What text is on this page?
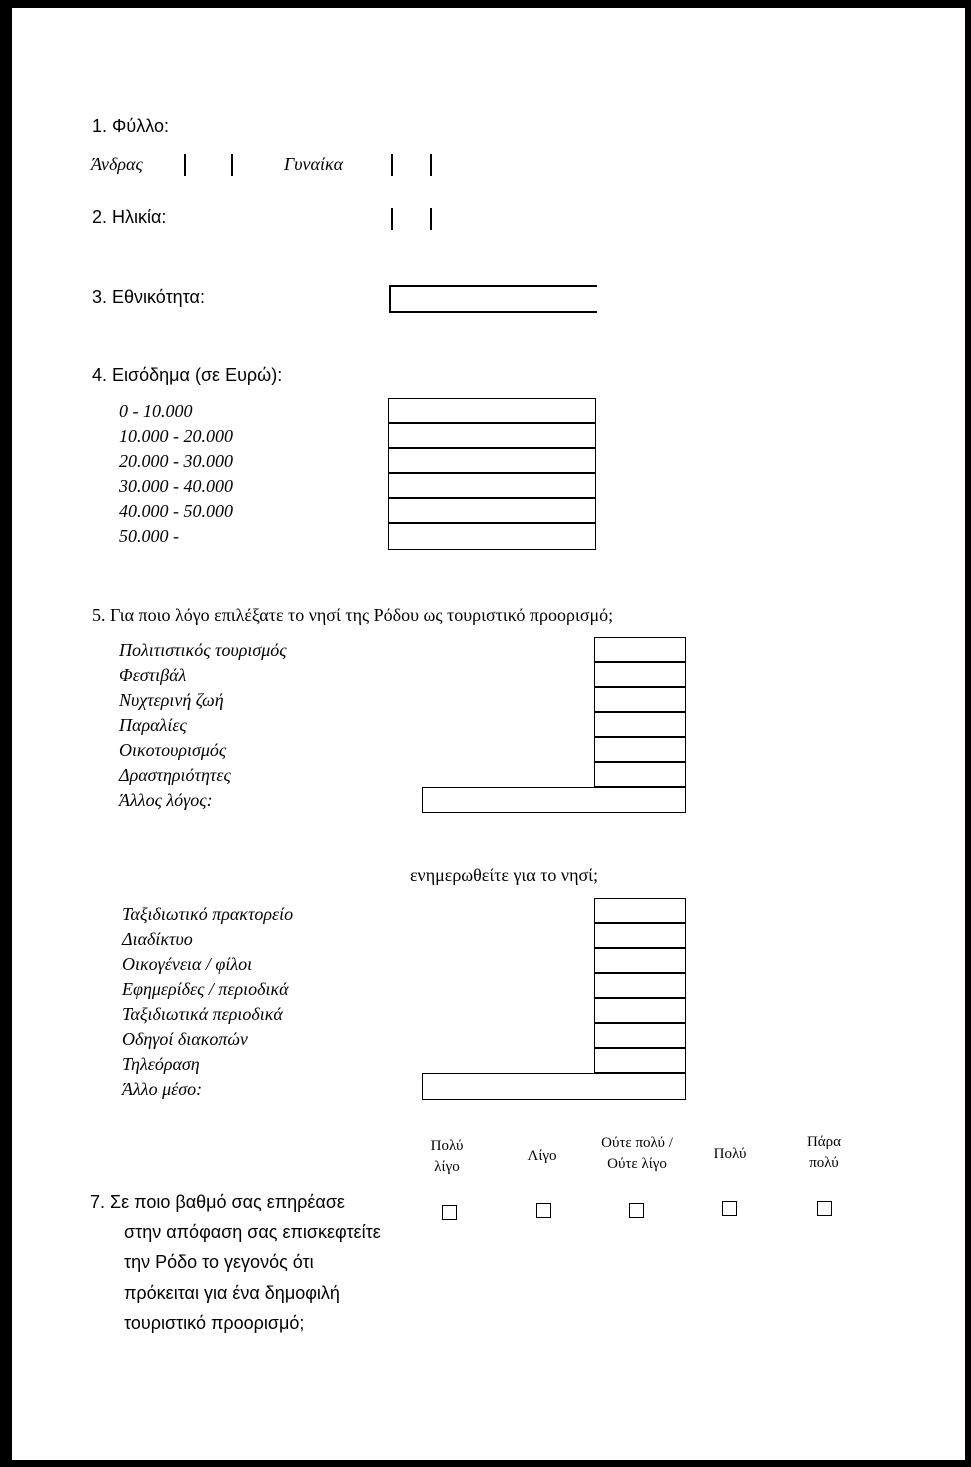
1. Φύλλο:
Άνδρας	Γυναίκα
2. Ηλικία:
3. Εθνικότητα:
4. Εισόδημα (σε Ευρώ):
0 - 10.000
10.000 - 20.000
20.000 - 30.000
30.000 - 40.000
40.000 - 50.000
50.000 -
5. Για ποιο λόγο επιλέξατε το νησί της Ρόδου ως τουριστικό προορισμό;
Πολιτιστικός τουρισμός
Φεστιβάλ
Νυχτερινή ζωή
Παραλίες
Οικοτουρισμός
Δραστηριότητες
Άλλος λόγος:
ενημερωθείτε για το νησί;
Ταξιδιωτικό πρακτορείο
Διαδίκτυο
Οικογένεια / φίλοι
Εφημερίδες / περιοδικά
Ταξιδιωτικά περιοδικά
Οδηγοί διακοπών
Τηλεόραση
Άλλο μέσο:
Πολύ
λίγο
Λίγο
Ούτε πολύ /
Ούτε λίγο
Πολύ
Πάρα
πολύ
7. Σε ποιο βαθμό σας επηρέασε
στην απόφαση σας επισκεφτείτε
την Ρόδο το γεγονός ότι
πρόκειται για ένα δημοφιλή
τουριστικό προορισμό;
